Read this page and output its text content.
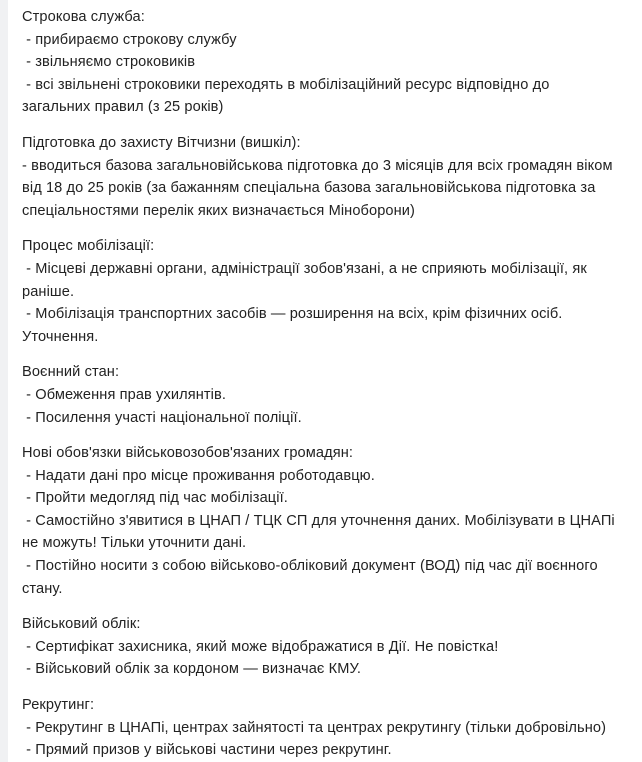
Строкова служба:
- прибираємо строкову службу
- звільняємо строковиків
- всі звільнені строковики переходять в мобілізаційний ресурс відповідно до загальних правил (з 25 років)
Підготовка до захисту Вітчизни (вишкіл):
- вводиться базова загальновійськова підготовка до 3 місяців для всіх громадян віком від 18 до 25 років (за бажанням спеціальна базова загальновійськова підготовка за спеціальностями перелік яких визначається Міноборони)
Процес мобілізації:
- Місцеві державні органи, адміністрації зобов'язані, а не сприяють мобілізації, як раніше.
- Мобілізація транспортних засобів — розширення на всіх, крім фізичних осіб. Уточнення.
Воєнний стан:
- Обмеження прав ухилянтів.
- Посилення участі національної поліції.
Нові обов'язки військовозобов'язаних громадян:
- Надати дані про місце проживання роботодавцю.
- Пройти медогляд під час мобілізації.
- Самостійно з'явитися в ЦНАП / ТЦК СП для уточнення даних. Мобілізувати в ЦНАПі не можуть! Тільки уточнити дані.
- Постійно носити з собою військово-обліковий документ (ВОД) під час дії воєнного стану.
Військовий облік:
- Сертифікат захисника, який може відображатися в Дії. Не повістка!
- Військовий облік за кордоном — визначає КМУ.
Рекрутинг:
- Рекрутинг в ЦНАПі, центрах зайнятості та центрах рекрутингу (тільки добровільно)
- Прямий призов у військові частини через рекрутинг.
